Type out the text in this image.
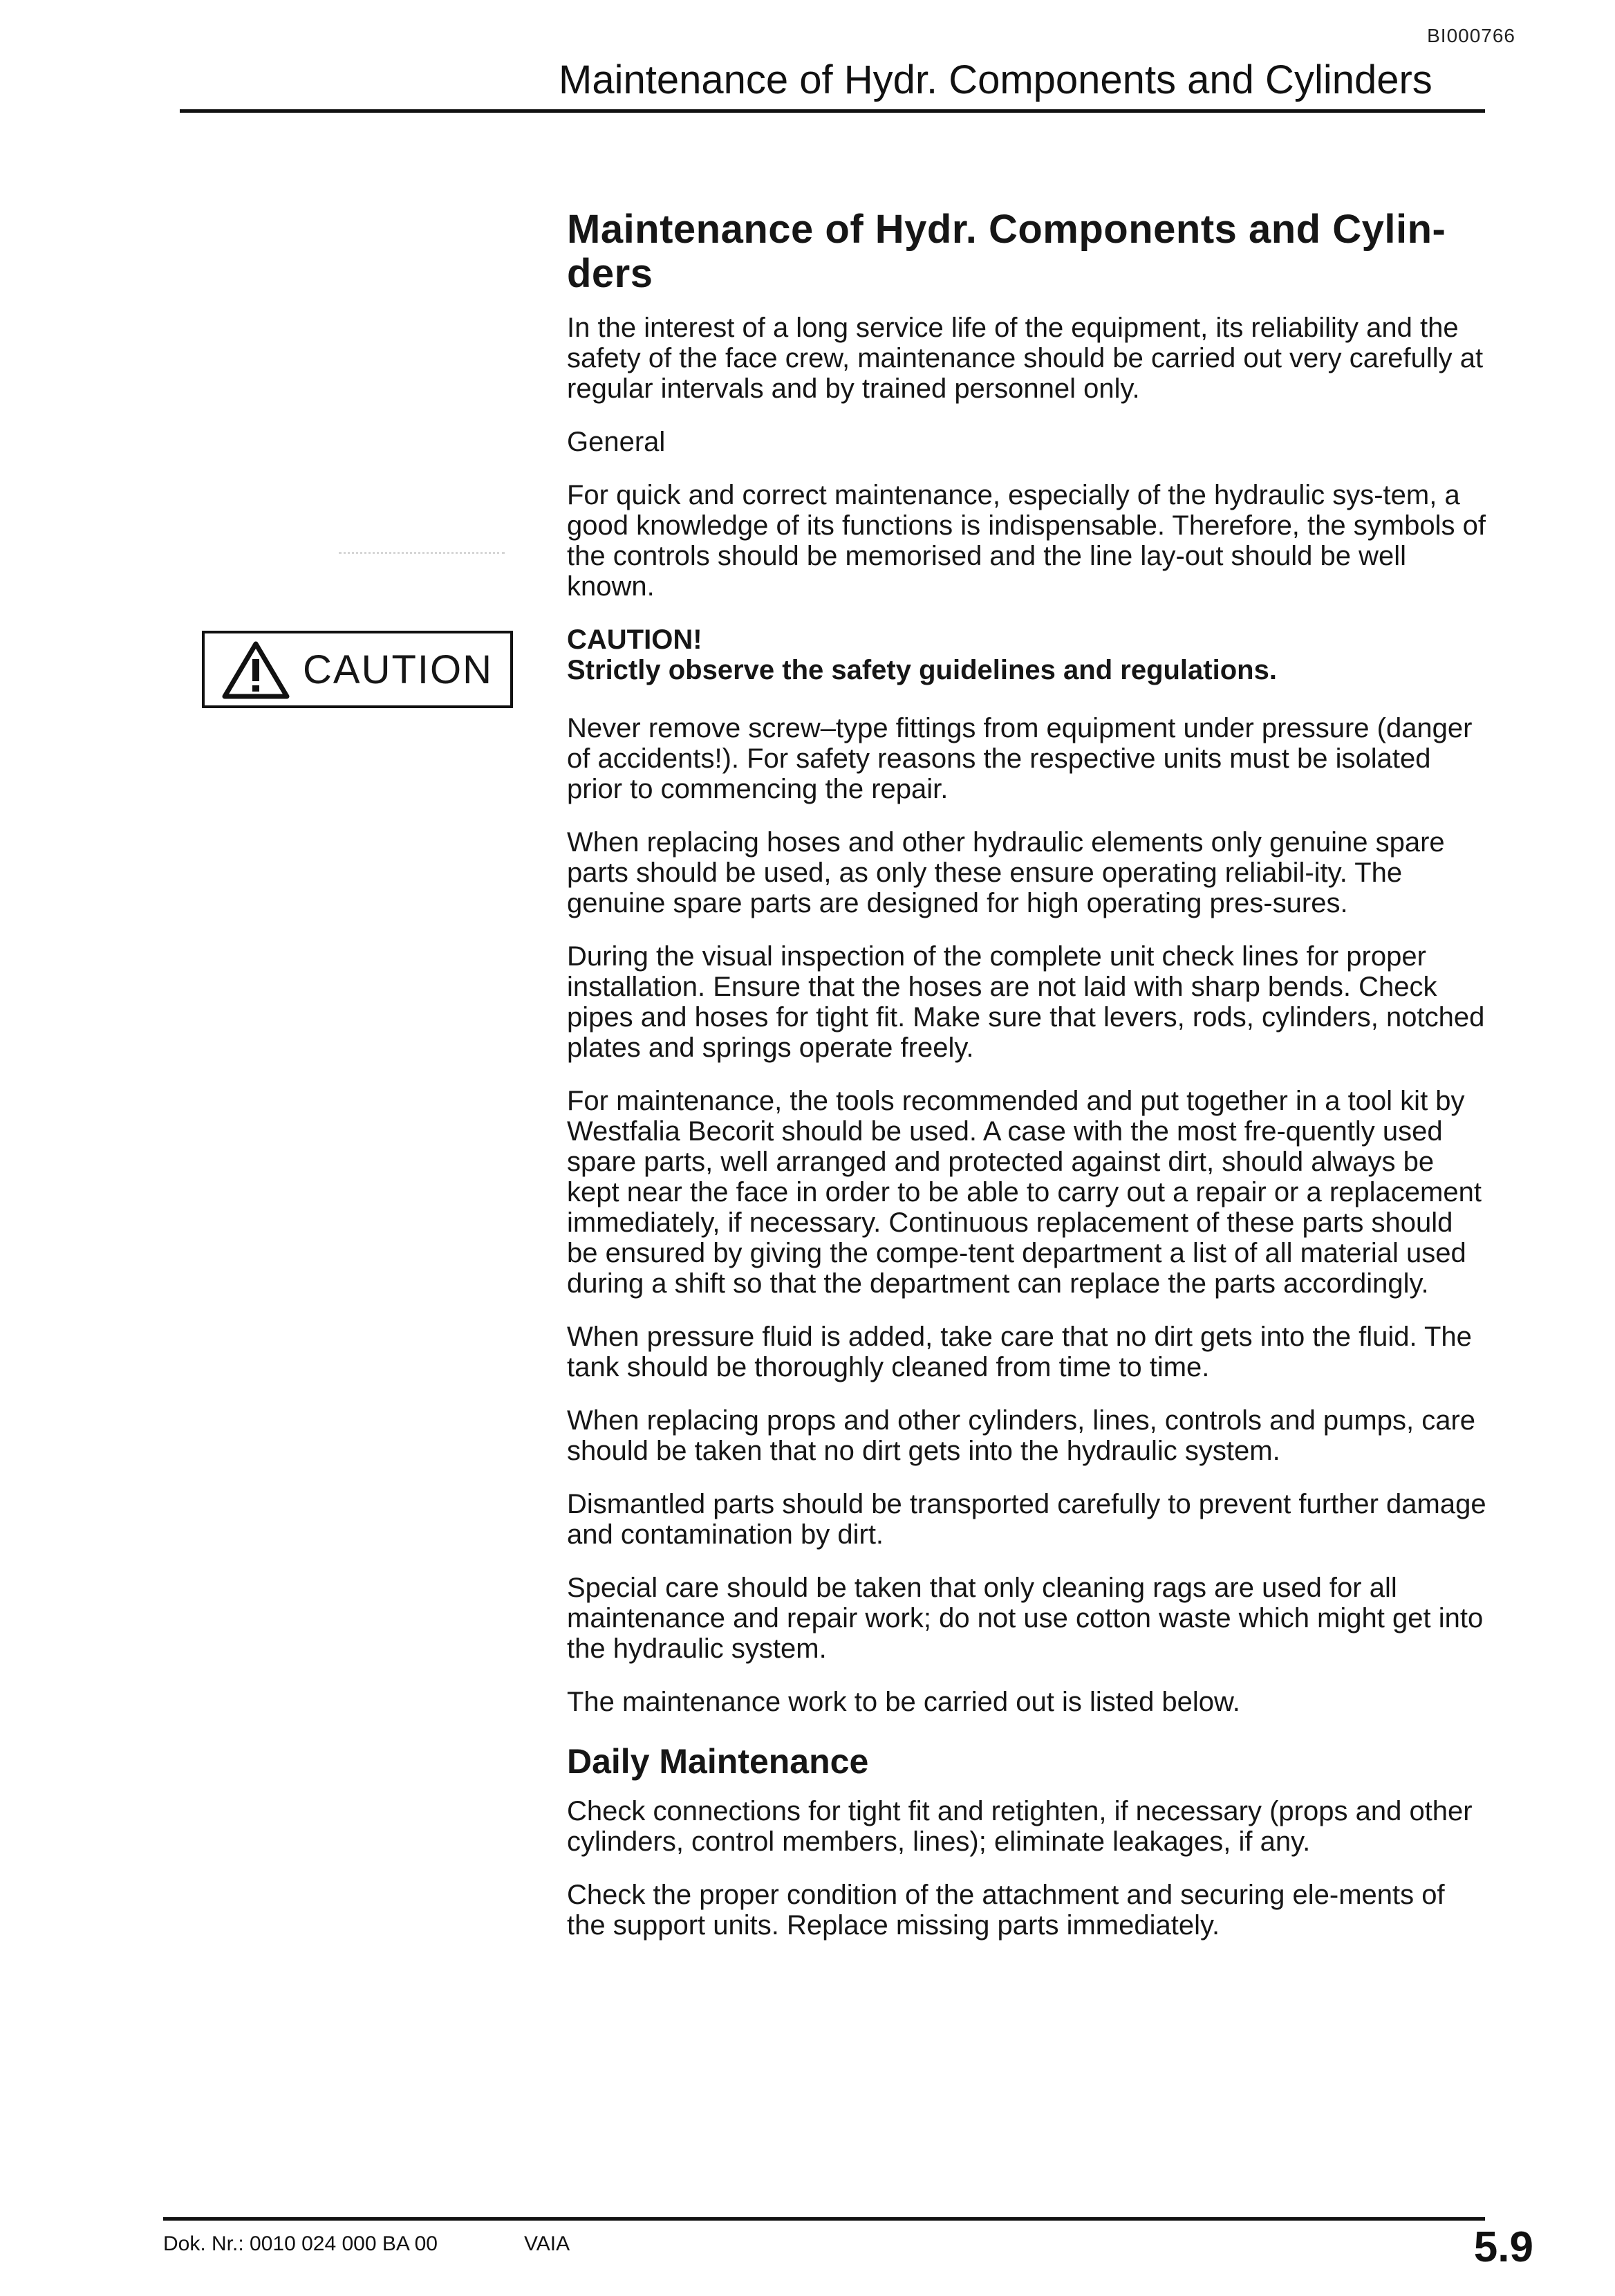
BI000766
Maintenance of Hydr. Components and Cylinders
CAUTION
Maintenance of Hydr. Components and Cylin-ders

In the interest of a long service life of the equipment, its reliability and the safety of the face crew, maintenance should be carried out very carefully at regular intervals and by trained personnel only.

General

For quick and correct maintenance, especially of the hydraulic sys-tem, a good knowledge of its functions is indispensable. Therefore, the symbols of the controls should be memorised and the line lay-out should be well known.

CAUTION!
Strictly observe the safety guidelines and regulations.

Never remove screw–type fittings from equipment under pressure (danger of accidents!). For safety reasons the respective units must be isolated prior to commencing the repair.

When replacing hoses and other hydraulic elements only genuine spare parts should be used, as only these ensure operating reliabil-ity. The genuine spare parts are designed for high operating pres-sures.

During the visual inspection of the complete unit check lines for proper installation. Ensure that the hoses are not laid with sharp bends. Check pipes and hoses for tight fit. Make sure that levers, rods, cylinders, notched plates and springs operate freely.

For maintenance, the tools recommended and put together in a tool kit by Westfalia Becorit should be used. A case with the most fre-quently used spare parts, well arranged and protected against dirt, should always be kept near the face in order to be able to carry out a repair or a replacement immediately, if necessary. Continuous replacement of these parts should be ensured by giving the compe-tent department a list of all material used during a shift so that the department can replace the parts accordingly.

When pressure fluid is added, take care that no dirt gets into the fluid. The tank should be thoroughly cleaned from time to time.

When replacing props and other cylinders, lines, controls and pumps, care should be taken that no dirt gets into the hydraulic system.

Dismantled parts should be transported carefully to prevent further damage and contamination by dirt.

Special care should be taken that only cleaning rags are used for all maintenance and repair work; do not use cotton waste which might get into the hydraulic system.

The maintenance work to be carried out is listed below.

Daily Maintenance

Check connections for tight fit and retighten, if necessary (props and other cylinders, control members, lines); eliminate leakages, if any.

Check the proper condition of the attachment and securing ele-ments of the support units. Replace missing parts immediately.

Dok. Nr.: 0010 024 000 BA 00	VAIA	5.9
